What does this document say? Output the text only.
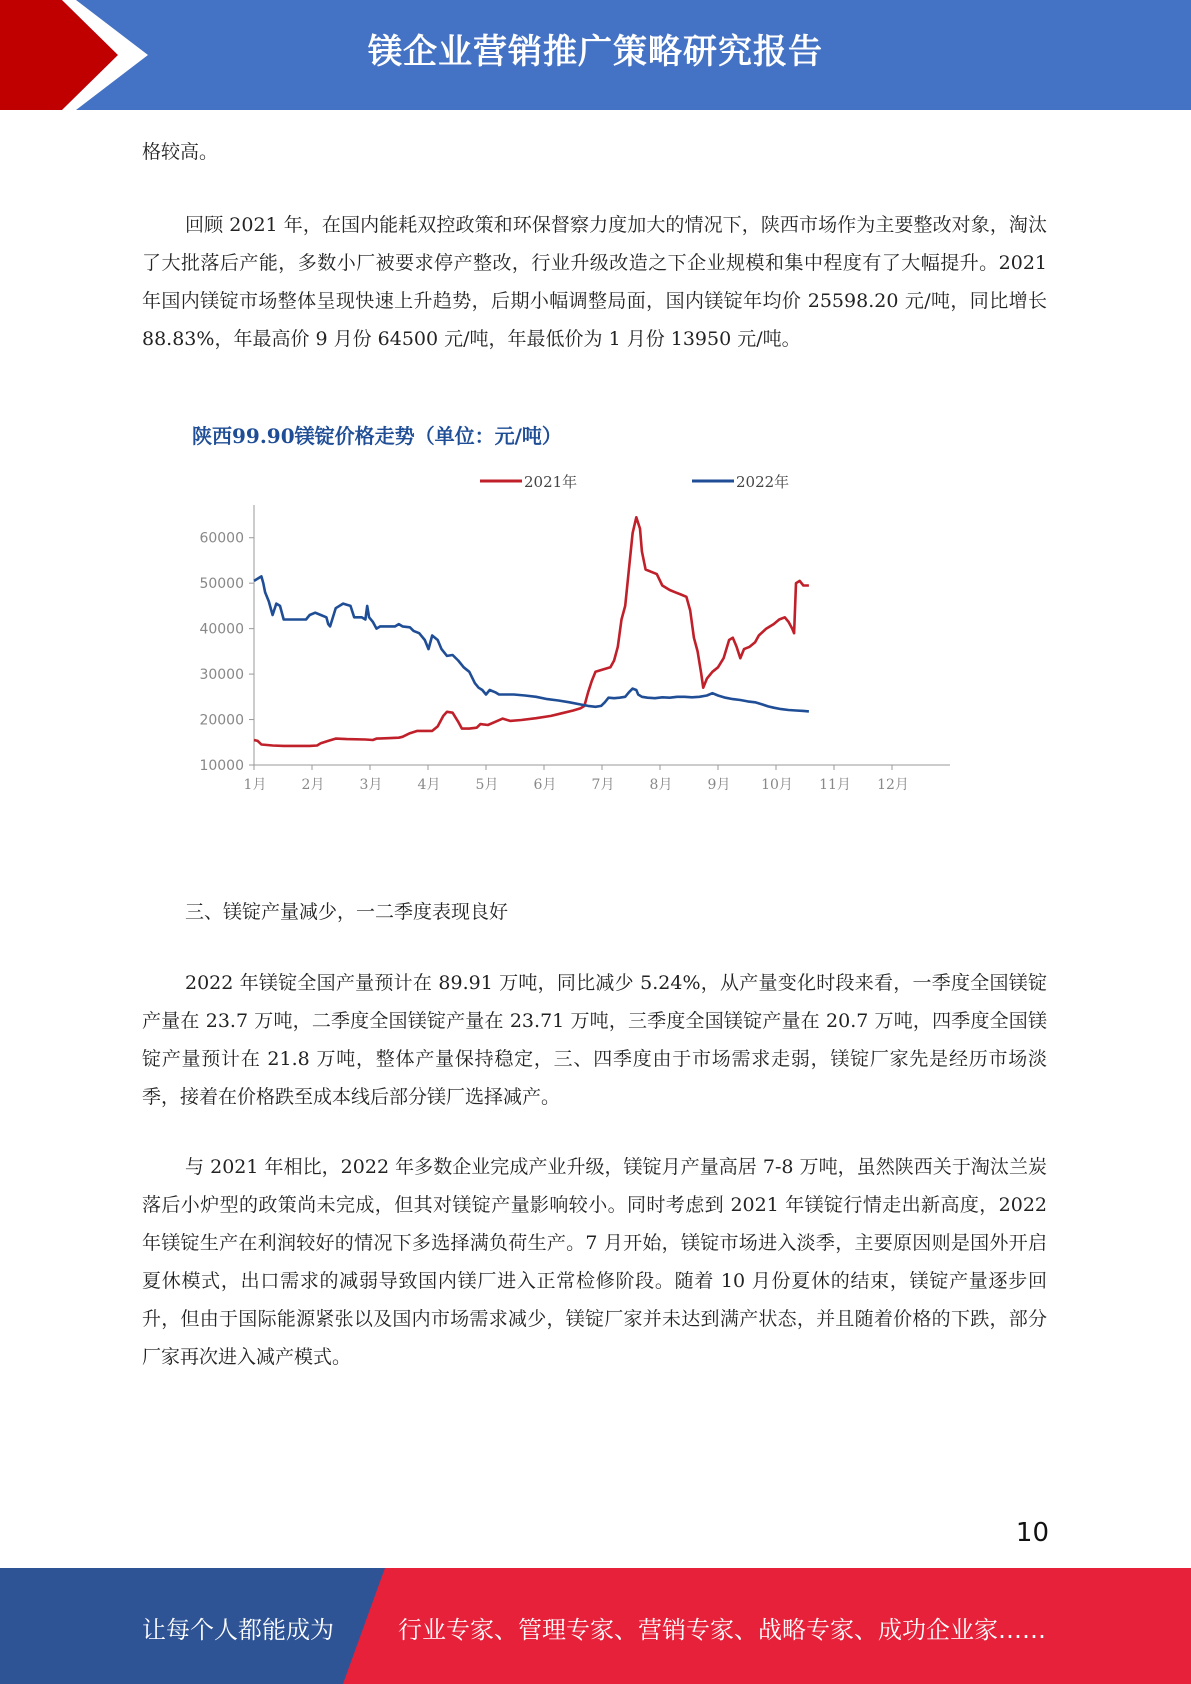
镁企业营销推广策略研究报告

格较高。

回顾 2021 年，在国内能耗双控政策和环保督察力度加大的情况下，陕西市场作为主要整改对象，淘汰了大批落后产能，多数小厂被要求停产整改，行业升级改造之下企业规模和集中程度有了大幅提升。2021 年国内镁锭市场整体呈现快速上升趋势，后期小幅调整局面，国内镁锭年均价 25598.20 元/吨，同比增长 88.83%，年最高价 9 月份 64500 元/吨，年最低价为 1 月份 13950 元/吨。

陕西99.90镁锭价格走势（单位：元/吨）
2021年	2022年
10000
20000
30000
40000
50000
60000
1月	2月	3月	4月	5月	6月	7月	8月	9月 10月 11月 12月

三、镁锭产量减少，一二季度表现良好

2022 年镁锭全国产量预计在 89.91 万吨，同比减少 5.24%，从产量变化时段来看，一季度全国镁锭产量在 23.7 万吨，二季度全国镁锭产量在 23.71 万吨，三季度全国镁锭产量在 20.7 万吨，四季度全国镁锭产量预计在 21.8 万吨，整体产量保持稳定，三、四季度由于市场需求走弱，镁锭厂家先是经历市场淡季，接着在价格跌至成本线后部分镁厂选择减产。

与 2021 年相比，2022 年多数企业完成产业升级，镁锭月产量高居 7-8 万吨，虽然陕西关于淘汰兰炭落后小炉型的政策尚未完成，但其对镁锭产量影响较小。同时考虑到 2021 年镁锭行情走出新高度，2022 年镁锭生产在利润较好的情况下多选择满负荷生产。7 月开始，镁锭市场进入淡季，主要原因则是国外开启夏休模式，出口需求的减弱导致国内镁厂进入正常检修阶段。随着 10 月份夏休的结束，镁锭产量逐步回升，但由于国际能源紧张以及国内市场需求减少，镁锭厂家并未达到满产状态，并且随着价格的下跌，部分厂家再次进入减产模式。

10
让每个人都能成为	行业专家、管理专家、营销专家、战略专家、成功企业家……
